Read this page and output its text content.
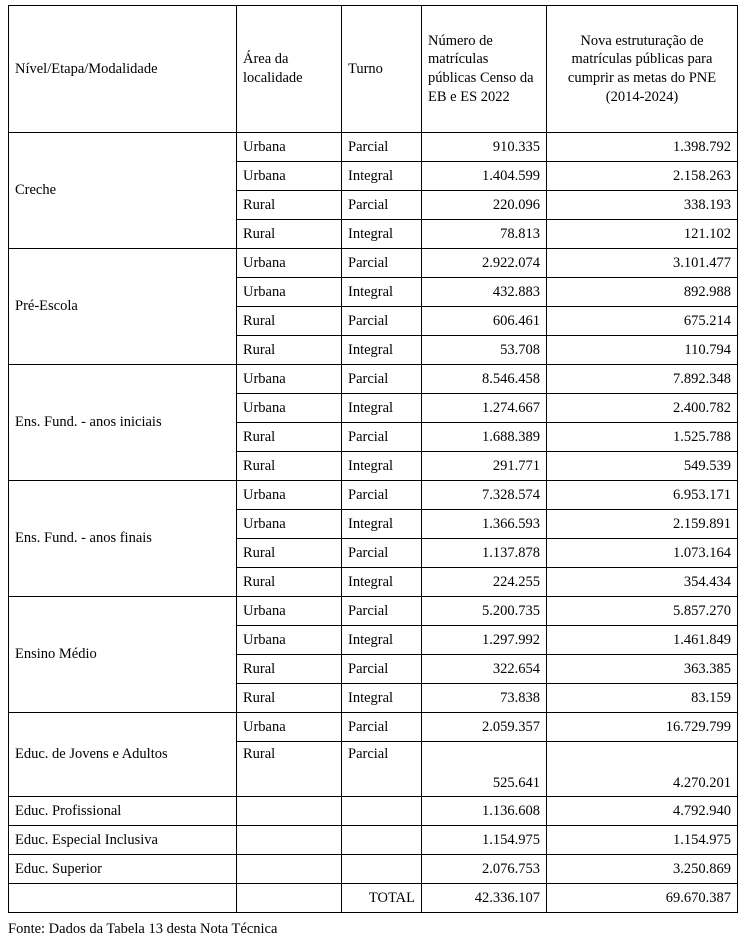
Nível/Etapa/Modalidade	Área da localidade	Turno	Número de matrículas públicas Censo da EB e ES 2022	Nova estruturação de matrículas públicas para cumprir as metas do PNE (2014-2024)
Creche	Urbana	Parcial	910.335	1.398.792
	Urbana	Integral	1.404.599	2.158.263
	Rural	Parcial	220.096	338.193
	Rural	Integral	78.813	121.102
Pré-Escola	Urbana	Parcial	2.922.074	3.101.477
	Urbana	Integral	432.883	892.988
	Rural	Parcial	606.461	675.214
	Rural	Integral	53.708	110.794
Ens. Fund. - anos iniciais	Urbana	Parcial	8.546.458	7.892.348
	Urbana	Integral	1.274.667	2.400.782
	Rural	Parcial	1.688.389	1.525.788
	Rural	Integral	291.771	549.539
Ens. Fund. - anos finais	Urbana	Parcial	7.328.574	6.953.171
	Urbana	Integral	1.366.593	2.159.891
	Rural	Parcial	1.137.878	1.073.164
	Rural	Integral	224.255	354.434
Ensino Médio	Urbana	Parcial	5.200.735	5.857.270
	Urbana	Integral	1.297.992	1.461.849
	Rural	Parcial	322.654	363.385
	Rural	Integral	73.838	83.159
Educ. de Jovens e Adultos	Urbana	Parcial	2.059.357	16.729.799
	Rural	Parcial	525.641	4.270.201
Educ. Profissional			1.136.608	4.792.940
Educ. Especial Inclusiva			1.154.975	1.154.975
Educ. Superior			2.076.753	3.250.869
		TOTAL	42.336.107	69.670.387
Fonte: Dados da Tabela 13 desta Nota Técnica
